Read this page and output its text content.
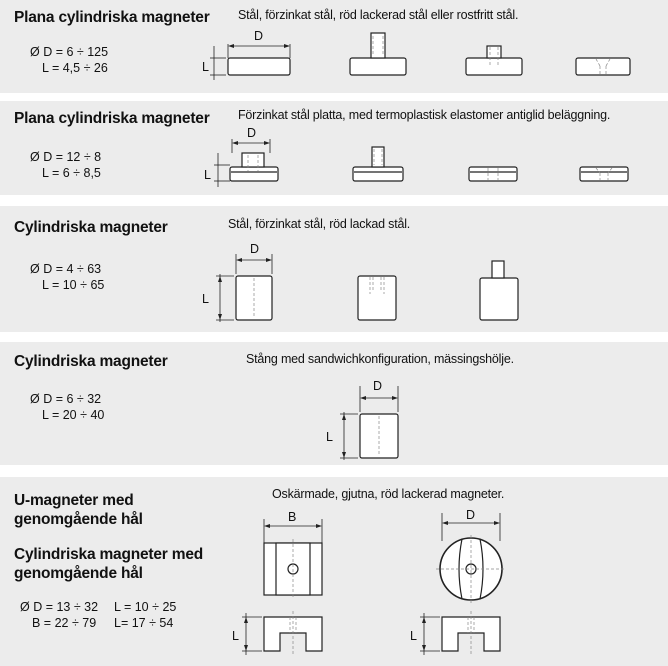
Plana cylindriska magneter Stål, förzinkat stål, röd lackerad stål eller rostfritt stål.
Ø D = 6 ÷ 125
L = 4,5 ÷ 26
D
L
Plana cylindriska magneter Förzinkat stål platta, med termoplastisk elastomer antiglid beläggning.
Ø D = 12 ÷ 8
L = 6 ÷ 8,5
D
L
Cylindriska magneter	Stål, förzinkat stål, röd lackad stål.
Ø D = 4 ÷ 63
L = 10 ÷ 65
D
L
Cylindriska magneter	Stång med sandwichkonfiguration, mässingshölje.
Ø D = 6 ÷ 32
L = 20 ÷ 40
D
L
U-magneter med
genomgående hål
Cylindriska magneter med
genomgående hål
Oskärmade, gjutna, röd lackerad magneter.
Ø D = 13 ÷ 32
B = 22 ÷ 79
L = 10 ÷ 25
L= 17 ÷ 54
B
L
D
L
